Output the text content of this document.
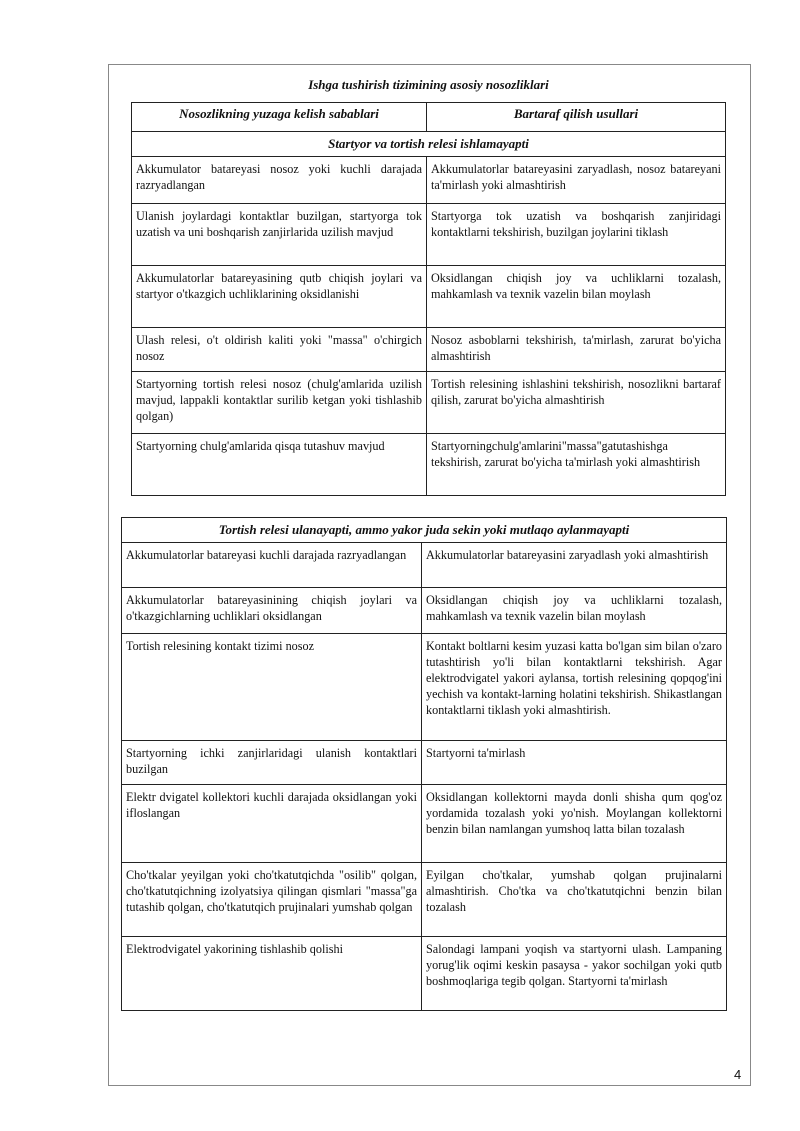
Ishga tushirish tizimining asosiy nosozliklari
Nosozlikning yuzaga kelish sabablari	Bartaraf qilish usullari
Startyor va tortish relesi ishlamayapti	
Akkumulator batareyasi nosoz yoki kuchli darajada razryadlangan	Akkumulatorlar batareyasini zaryadlash, nosoz batareyani ta'mirlash yoki almashtirish
Ulanish joylardagi kontaktlar buzilgan, startyorga tok uzatish va uni boshqarish zanjirlarida uzilish mavjud	Startyorga tok uzatish va boshqarish zanjiridagi kontaktlarni tekshirish, buzilgan joylarini tiklash
Akkumulatorlar batareyasining qutb chiqish joylari va startyor o'tkazgich uchliklarining oksidlanishi	Oksidlangan chiqish joy va uchliklarni tozalash, mahkamlash va texnik vazelin bilan moylash
Ulash relesi, o't oldirish kaliti yoki "massa" o'chirgich nosoz	Nosoz asboblarni tekshirish, ta'mirlash, zarurat bo'yicha almashtirish
Startyorning tortish relesi nosoz (chulg'amlarida uzilish mavjud, lappakli kontaktlar surilib ketgan yoki tishlashib qolgan)	Tortish relesining ishlashini tekshirish, nosozlikni bartaraf qilish, zarurat bo'yicha almashtirish
Startyorning chulg'amlarida qisqa tutashuv mavjud	Startyorningchulg'amlarini"massa"gatutashishga tekshirish, zarurat bo'yicha ta'mirlash yoki almashtirish
Tortish relesi ulanayapti, ammo yakor juda sekin yoki mutlaqo aylanmayapti	
Akkumulatorlar batareyasi kuchli darajada razryadlangan	Akkumulatorlar batareyasini zaryadlash yoki almashtirish
Akkumulatorlar batareyasinining chiqish joylari va o'tkazgichlarning uchliklari oksidlangan	Oksidlangan chiqish joy va uchliklarni tozalash, mahkamlash va texnik vazelin bilan moylash
Tortish relesining kontakt tizimi nosoz	Kontakt boltlarni kesim yuzasi katta bo'lgan sim bilan o'zaro tutashtirish yo'li bilan kontaktlarni tekshirish. Agar elektrodvigatel yakori aylansa, tortish relesining qopqog'ini yechish va kontakt-larning holatini tekshirish. Shikastlangan kontaktlarni tiklash yoki almashtirish.
Startyorning ichki zanjirlaridagi ulanish kontaktlari buzilgan	Startyorni ta'mirlash
Elektr dvigatel kollektori kuchli darajada oksidlangan yoki ifloslangan	Oksidlangan kollektorni mayda donli shisha qum qog'oz yordamida tozalash yoki yo'nish. Moylangan kollektorni benzin bilan namlangan yumshoq latta bilan tozalash
Cho'tkalar yeyilgan yoki cho'tkatutqichda "osilib" qolgan, cho'tkatutqichning izolyatsiya qilingan qismlari "massa"ga tutashib qolgan, cho'tkatutqich prujinalari yumshab qolgan	Eyilgan cho'tkalar, yumshab qolgan prujinalarni almashtirish. Cho'tka va cho'tkatutqichni benzin bilan tozalash
Elektrodvigatel yakorining tishlashib qolishi	Salondagi lampani yoqish va startyorni ulash. Lampaning yorug'lik oqimi keskin pasaysa - yakor sochilgan yoki qutb boshmoqlariga tegib qolgan. Startyorni ta'mirlash
4
